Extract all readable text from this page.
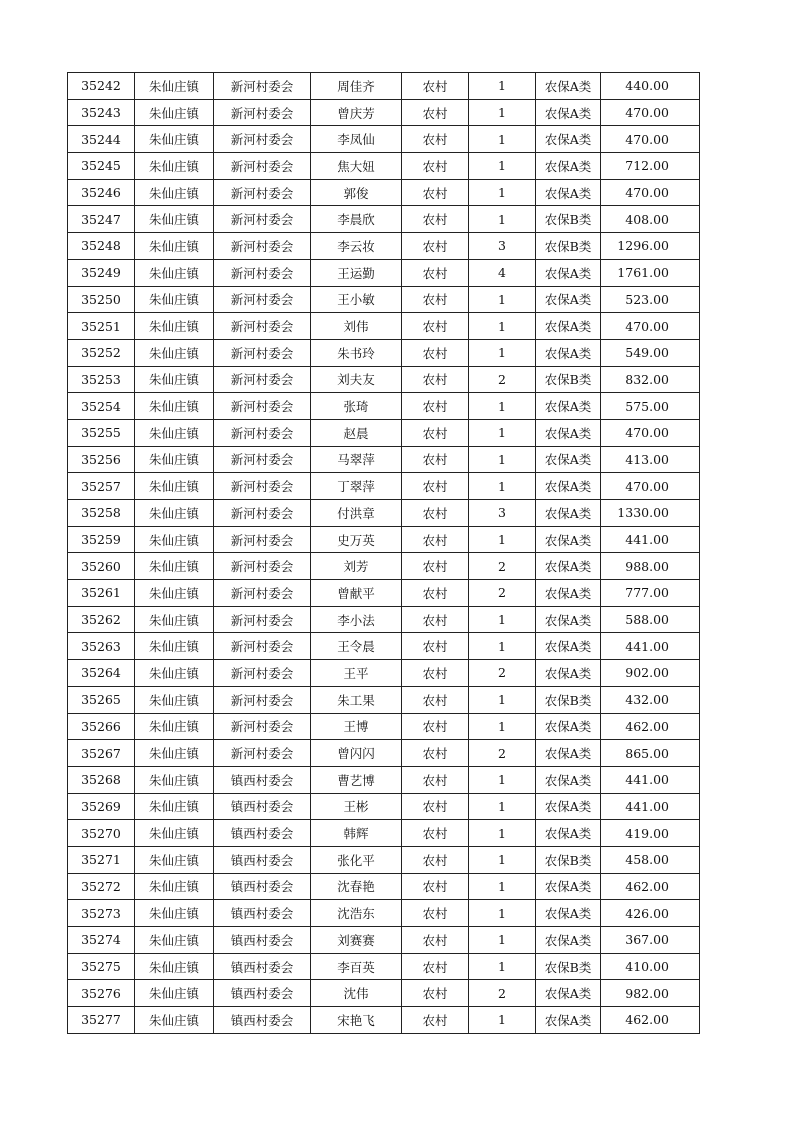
35242	朱仙庄镇	新河村委会	周佳齐	农村	1	农保A类	440.00
35243	朱仙庄镇	新河村委会	曾庆芳	农村	1	农保A类	470.00
35244	朱仙庄镇	新河村委会	李凤仙	农村	1	农保A类	470.00
35245	朱仙庄镇	新河村委会	焦大妞	农村	1	农保A类	712.00
35246	朱仙庄镇	新河村委会	郭俊	农村	1	农保A类	470.00
35247	朱仙庄镇	新河村委会	李晨欣	农村	1	农保B类	408.00
35248	朱仙庄镇	新河村委会	李云妆	农村	3	农保B类	1296.00
35249	朱仙庄镇	新河村委会	王运勤	农村	4	农保A类	1761.00
35250	朱仙庄镇	新河村委会	王小敏	农村	1	农保A类	523.00
35251	朱仙庄镇	新河村委会	刘伟	农村	1	农保A类	470.00
35252	朱仙庄镇	新河村委会	朱书玲	农村	1	农保A类	549.00
35253	朱仙庄镇	新河村委会	刘夫友	农村	2	农保B类	832.00
35254	朱仙庄镇	新河村委会	张琦	农村	1	农保A类	575.00
35255	朱仙庄镇	新河村委会	赵晨	农村	1	农保A类	470.00
35256	朱仙庄镇	新河村委会	马翠萍	农村	1	农保A类	413.00
35257	朱仙庄镇	新河村委会	丁翠萍	农村	1	农保A类	470.00
35258	朱仙庄镇	新河村委会	付洪章	农村	3	农保A类	1330.00
35259	朱仙庄镇	新河村委会	史万英	农村	1	农保A类	441.00
35260	朱仙庄镇	新河村委会	刘芳	农村	2	农保A类	988.00
35261	朱仙庄镇	新河村委会	曾献平	农村	2	农保A类	777.00
35262	朱仙庄镇	新河村委会	李小法	农村	1	农保A类	588.00
35263	朱仙庄镇	新河村委会	王令晨	农村	1	农保A类	441.00
35264	朱仙庄镇	新河村委会	王平	农村	2	农保A类	902.00
35265	朱仙庄镇	新河村委会	朱工果	农村	1	农保B类	432.00
35266	朱仙庄镇	新河村委会	王博	农村	1	农保A类	462.00
35267	朱仙庄镇	新河村委会	曾闪闪	农村	2	农保A类	865.00
35268	朱仙庄镇	镇西村委会	曹艺博	农村	1	农保A类	441.00
35269	朱仙庄镇	镇西村委会	王彬	农村	1	农保A类	441.00
35270	朱仙庄镇	镇西村委会	韩辉	农村	1	农保A类	419.00
35271	朱仙庄镇	镇西村委会	张化平	农村	1	农保B类	458.00
35272	朱仙庄镇	镇西村委会	沈春艳	农村	1	农保A类	462.00
35273	朱仙庄镇	镇西村委会	沈浩东	农村	1	农保A类	426.00
35274	朱仙庄镇	镇西村委会	刘赛赛	农村	1	农保A类	367.00
35275	朱仙庄镇	镇西村委会	李百英	农村	1	农保B类	410.00
35276	朱仙庄镇	镇西村委会	沈伟	农村	2	农保A类	982.00
35277	朱仙庄镇	镇西村委会	宋艳飞	农村	1	农保A类	462.00
